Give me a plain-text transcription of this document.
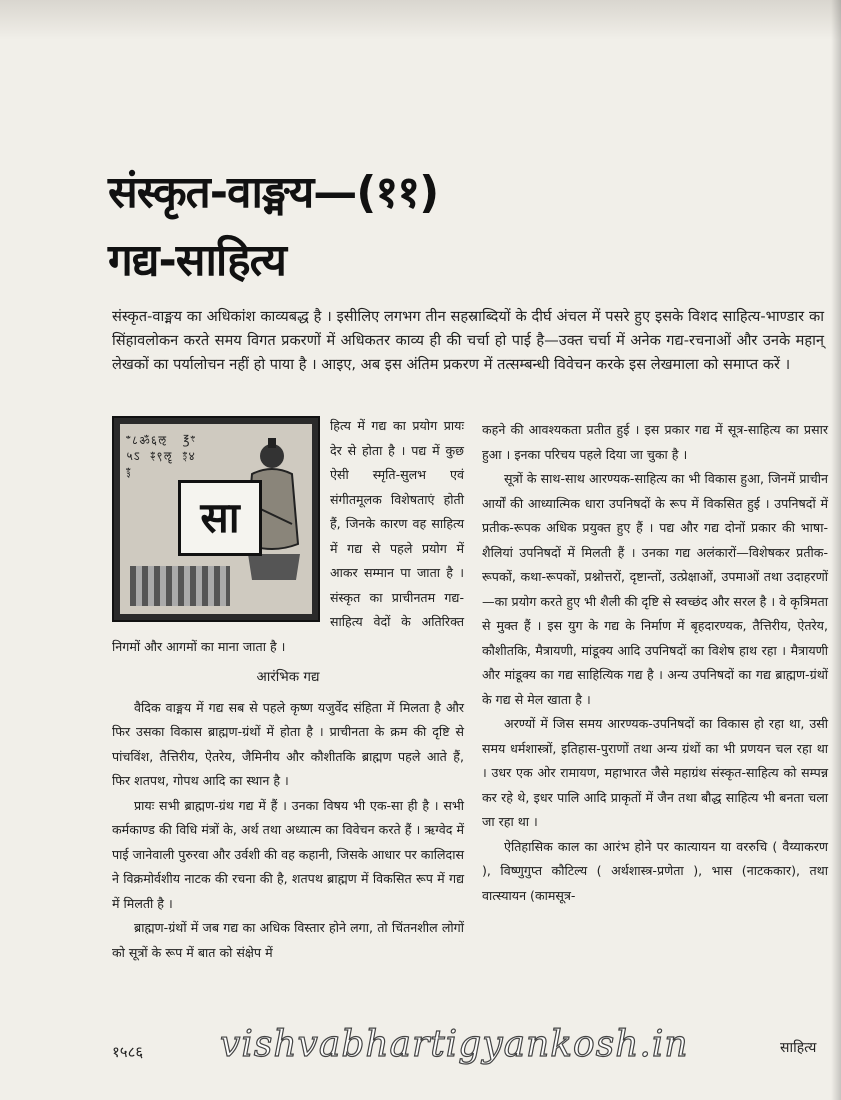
संस्कृत-वाङ्मय—(११)
गद्य-साहित्य

संस्कृत-वाङ्मय का अधिकांश काव्यबद्ध है । इसीलिए लगभग तीन सहस्राब्दियों के दीर्घ अंचल में पसरे हुए इसके विशद साहित्य-भाण्डार का सिंहावलोकन करते समय विगत प्रकरणों में अधिकतर काव्य ही की चर्चा हो पाई है—उक्त चर्चा में अनेक गद्य-रचनाओं और उनके महान् लेखकों का पर्यालोचन नहीं हो पाया है । आइए, अब इस अंतिम प्रकरण में तत्सम्बन्धी विवेचन करके इस लेखमाला को समाप्त करें ।

ꣲ८ॐ६ऌ ℥ꣳ५ऽ ꣴ९ॡ ꣵ४ꣶ
सा

हित्य में गद्य का प्रयोग प्रायः देर से होता है । पद्य में कुछ ऐसी स्मृति-सुलभ एवं संगीतमूलक विशेषताएं होती हैं, जिनके कारण वह साहित्य में गद्य से पहले प्रयोग में आकर सम्मान पा जाता है । संस्कृत का प्राचीनतम गद्य-साहित्य वेदों के अतिरिक्त निगमों और आगमों का माना जाता है ।

आरंभिक गद्य

वैदिक वाङ्मय में गद्य सब से पहले कृष्ण यजुर्वेद संहिता में मिलता है और फिर उसका विकास ब्राह्मण-ग्रंथों में होता है । प्राचीनता के क्रम की दृष्टि से पांचविंश, तैत्तिरीय, ऐतरेय, जैमिनीय और कौशीतकि ब्राह्मण पहले आते हैं, फिर शतपथ, गोपथ आदि का स्थान है ।

प्रायः सभी ब्राह्मण-ग्रंथ गद्य में हैं । उनका विषय भी एक-सा ही है । सभी कर्मकाण्ड की विधि मंत्रों के, अर्थ तथा अध्यात्म का विवेचन करते हैं । ऋग्वेद में पाई जानेवाली पुरुरवा और उर्वशी की वह कहानी, जिसके आधार पर कालिदास ने विक्रमोर्वशीय नाटक की रचना की है, शतपथ ब्राह्मण में विकसित रूप में गद्य में मिलती है ।

ब्राह्मण-ग्रंथों में जब गद्य का अधिक विस्तार होने लगा, तो चिंतनशील लोगों को सूत्रों के रूप में बात को संक्षेप में

कहने की आवश्यकता प्रतीत हुई । इस प्रकार गद्य में सूत्र-साहित्य का प्रसार हुआ । इनका परिचय पहले दिया जा चुका है ।

सूत्रों के साथ-साथ आरण्यक-साहित्य का भी विकास हुआ, जिनमें प्राचीन आर्यों की आध्यात्मिक धारा उपनिषदों के रूप में विकसित हुई । उपनिषदों में प्रतीक-रूपक अधिक प्रयुक्त हुए हैं । पद्य और गद्य दोनों प्रकार की भाषा-शैलियां उपनिषदों में मिलती हैं । उनका गद्य अलंकारों—विशेषकर प्रतीक-रूपकों, कथा-रूपकों, प्रश्नोत्तरों, दृष्टान्तों, उत्प्रेक्षाओं, उपमाओं तथा उदाहरणों—का प्रयोग करते हुए भी शैली की दृष्टि से स्वच्छंद और सरल है । वे कृत्रिमता से मुक्त हैं । इस युग के गद्य के निर्माण में बृहदारण्यक, तैत्तिरीय, ऐतरेय, कौशीतकि, मैत्रायणी, मांडूक्य आदि उपनिषदों का विशेष हाथ रहा । मैत्रायणी और मांडूक्य का गद्य साहित्यिक गद्य है । अन्य उपनिषदों का गद्य ब्राह्मण-ग्रंथों के गद्य से मेल खाता है ।

अरण्यों में जिस समय आरण्यक-उपनिषदों का विकास हो रहा था, उसी समय धर्मशास्त्रों, इतिहास-पुराणों तथा अन्य ग्रंथों का भी प्रणयन चल रहा था । उधर एक ओर रामायण, महाभारत जैसे महाग्रंथ संस्कृत-साहित्य को सम्पन्न कर रहे थे, इधर पालि आदि प्राकृतों में जैन तथा बौद्ध साहित्य भी बनता चला जा रहा था ।

ऐतिहासिक काल का आरंभ होने पर कात्यायन या वररुचि ( वैय्याकरण ), विष्णुगुप्त कौटिल्य ( अर्थशास्त्र-प्रणेता ), भास (नाटककार), तथा वात्स्यायन (कामसूत्र-

१५८६ vishvabhartigyankosh.in	साहित्य
